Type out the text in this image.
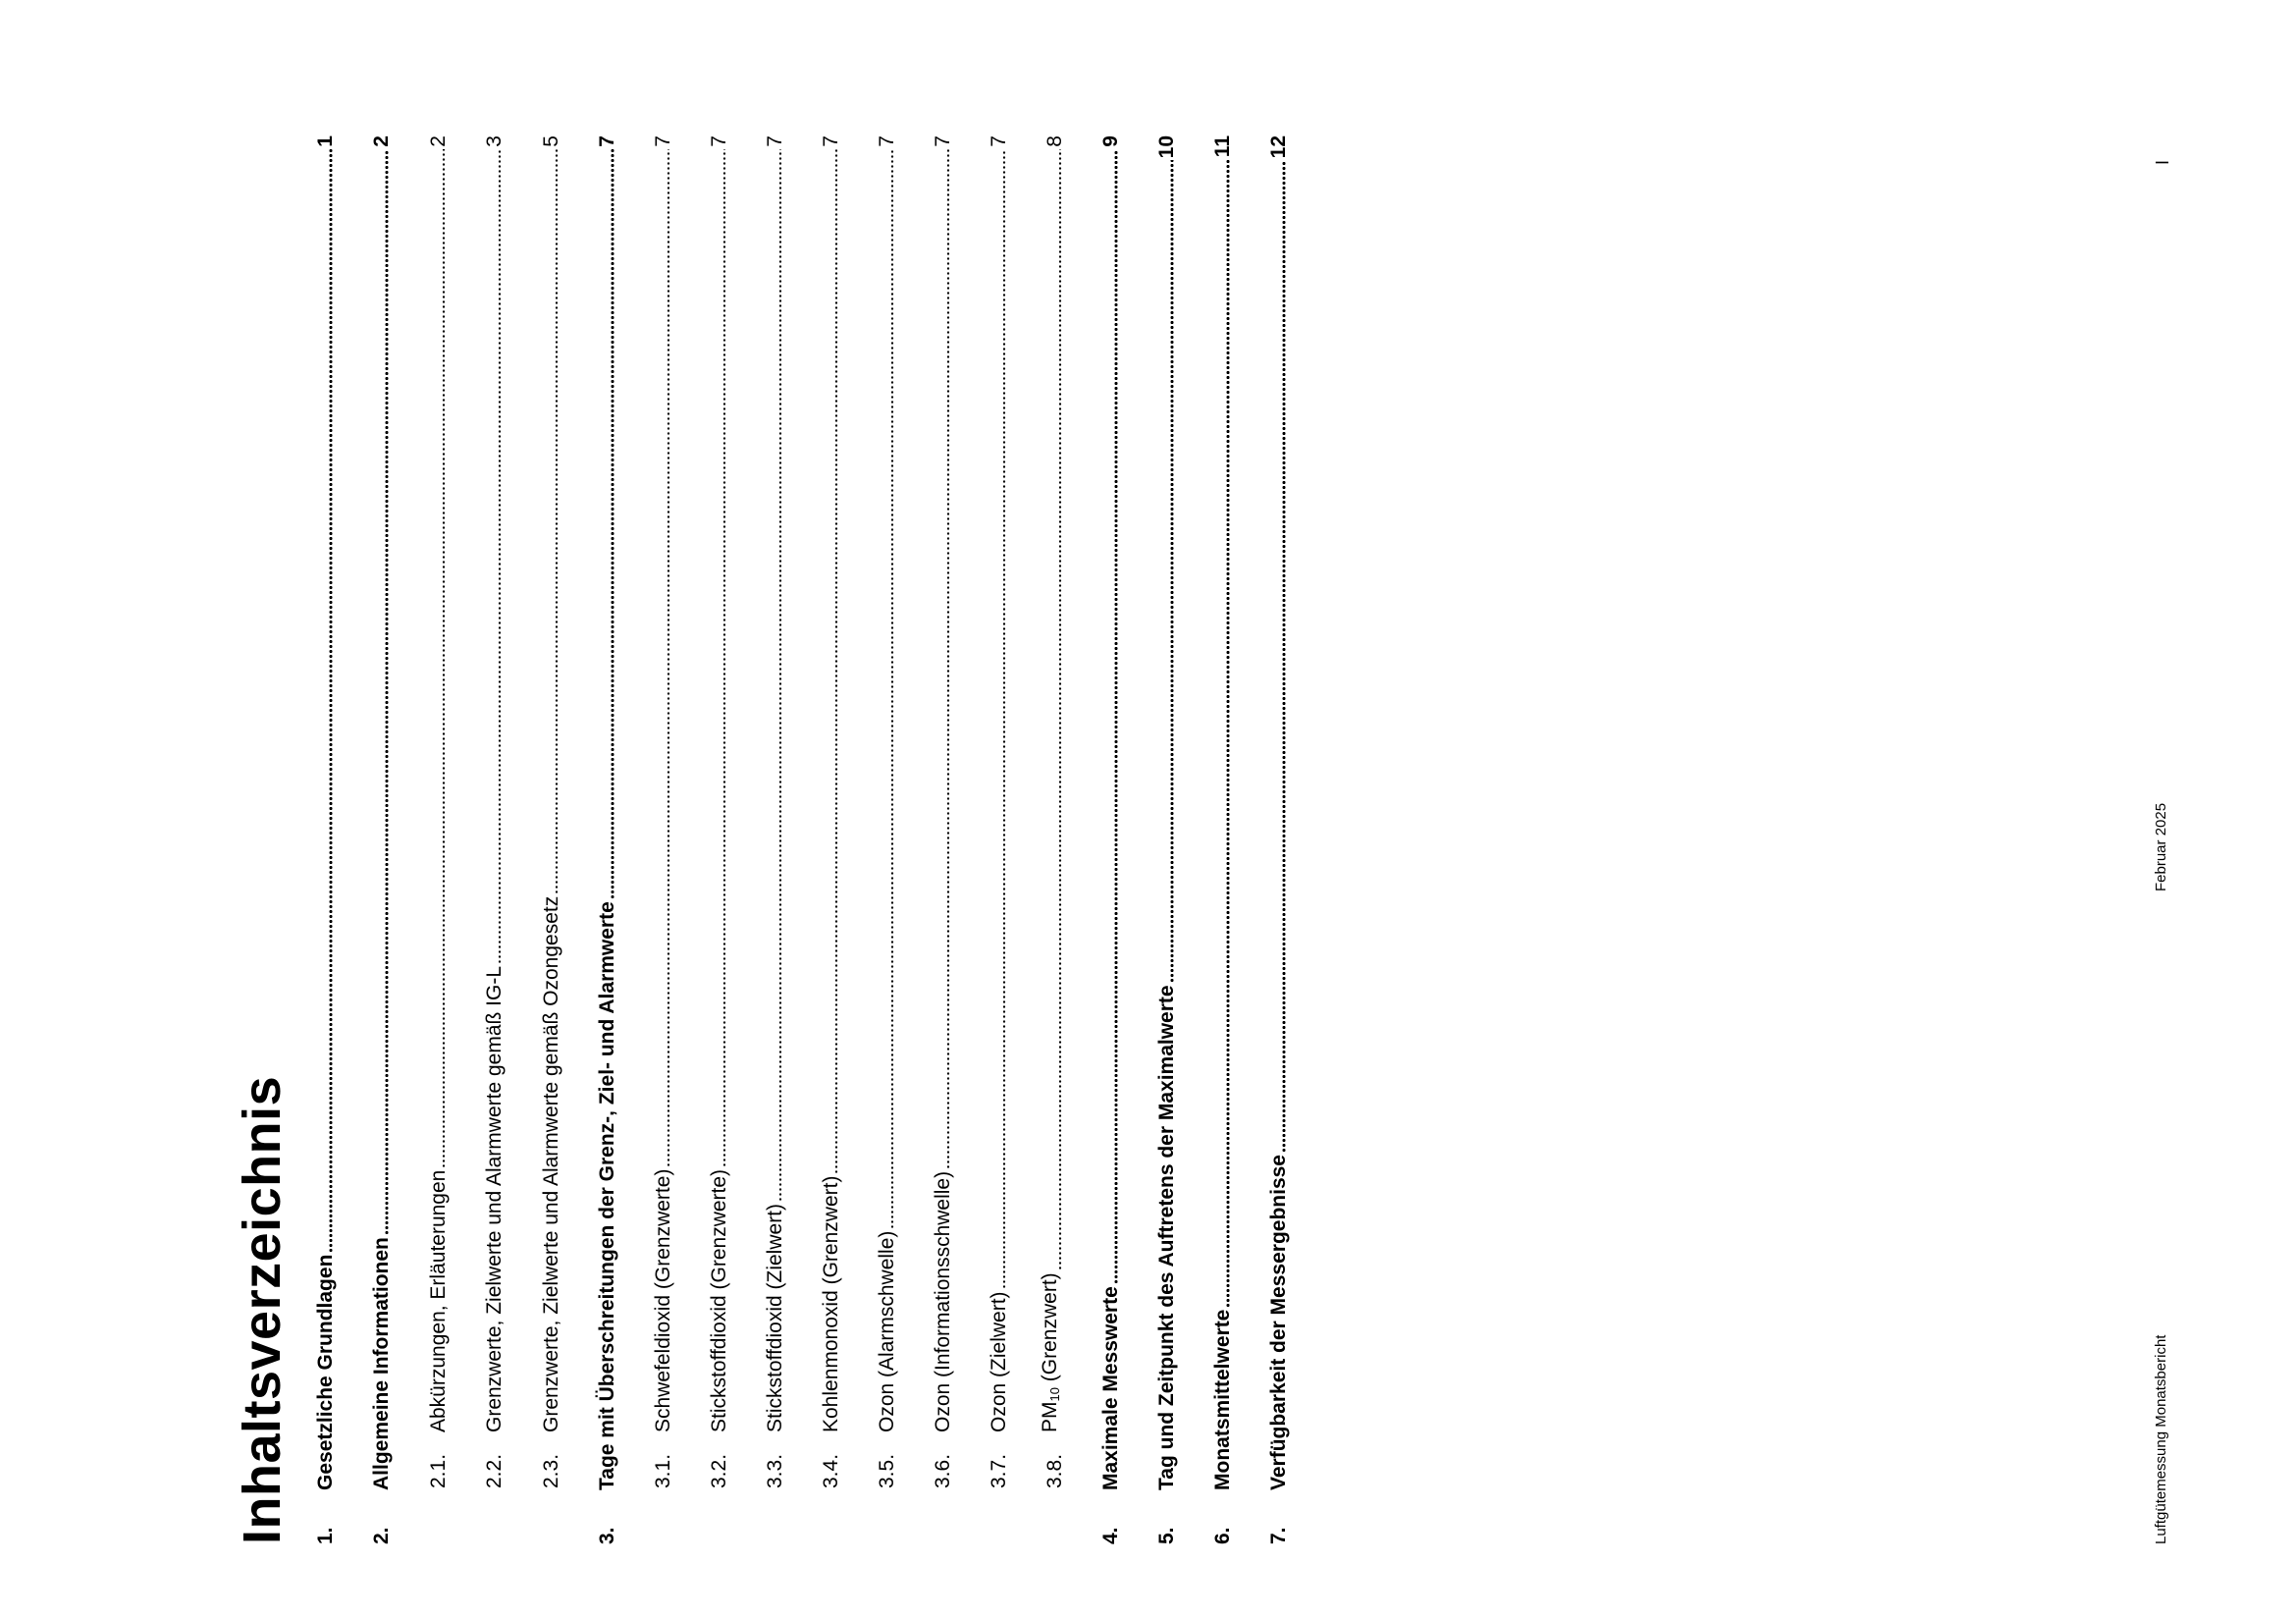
Inhaltsverzeichnis 1.
Gesetzliche Grundlagen
1
2.
Allgemeine Informationen
2
2.1.
Abkürzungen, Erläuterungen
2
2.2.
Grenzwerte, Zielwerte und Alarmwerte gemäß IG-L
3
2.3.
Grenzwerte, Zielwerte und Alarmwerte gemäß Ozongesetz
5
3.
Tage mit Überschreitungen der Grenz-, Ziel- und Alarmwerte
7
3.1.
Schwefeldioxid (Grenzwerte)
7
3.2.
Stickstoffdioxid (Grenzwerte)
7
3.3.
Stickstoffdioxid (Zielwert)
7
3.4.
Kohlenmonoxid (Grenzwert)
7
3.5.
Ozon (Alarmschwelle)
7
3.6.
Ozon (Informationsschwelle)
7
3.7.
Ozon (Zielwert)
7
3.8.
$PM_{10}$ (Grenzwert)
8
4.
Maximale Messwerte
9
5.
Tag und Zeitpunkt des Auftretens der Maximalwerte
10
6.
Monatsmittelwerte
11
7.
Verfügbarkeit der Messergebnisse
12
Luftgütemessung Monatsbericht
Februar 2025
I
